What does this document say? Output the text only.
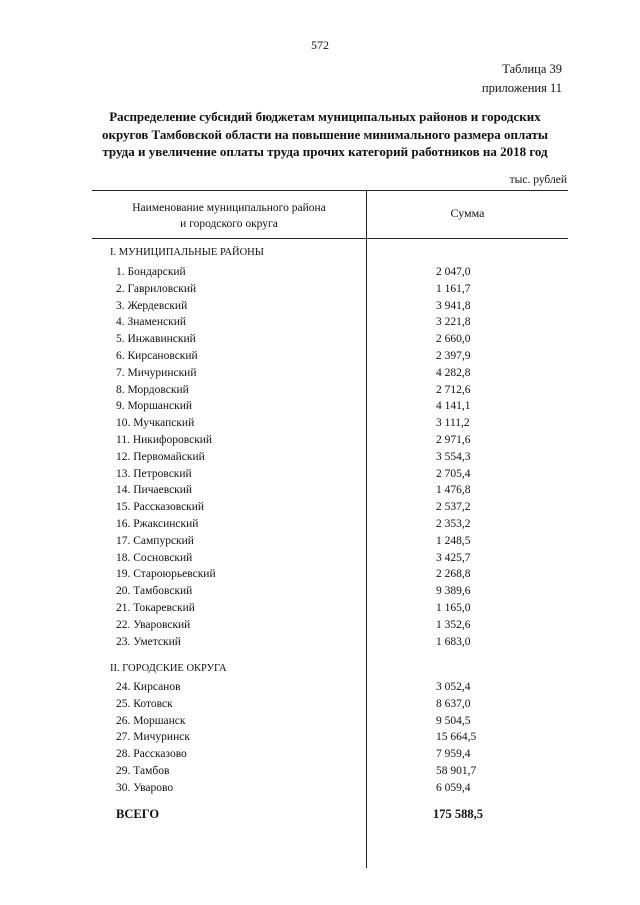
572
Таблица 39
приложения 11
Распределение субсидий бюджетам муниципальных районов и городских
округов Тамбовской области на повышение минимального размера оплаты
труда и увеличение оплаты труда прочих категорий работников на 2018 год
тыс. рублей
Наименование муниципального района
и городского округа
Сумма
I. МУНИЦИПАЛЬНЫЕ РАЙОНЫ
1. Бондарский	2 047,0
2. Гавриловский	1 161,7
3. Жердевский	3 941,8
4. Знаменский	3 221,8
5. Инжавинский	2 660,0
6. Кирсановский	2 397,9
7. Мичуринский	4 282,8
8. Мордовский	2 712,6
9. Моршанский	4 141,1
10. Мучкапский	3 111,2
11. Никифоровский	2 971,6
12. Первомайский	3 554,3
13. Петровский	2 705,4
14. Пичаевский	1 476,8
15. Рассказовский	2 537,2
16. Ржаксинский	2 353,2
17. Сампурский	1 248,5
18. Сосновский	3 425,7
19. Староюрьевский	2 268,8
20. Тамбовский	9 389,6
21. Токаревский	1 165,0
22. Уваровский	1 352,6
23. Уметский	1 683,0
II. ГОРОДСКИЕ ОКРУГА
24. Кирсанов	3 052,4
25. Котовск	8 637,0
26. Моршанск	9 504,5
27. Мичуринск	15 664,5
28. Рассказово	7 959,4
29. Тамбов	58 901,7
30. Уварово	6 059,4
ВСЕГО	175 588,5
